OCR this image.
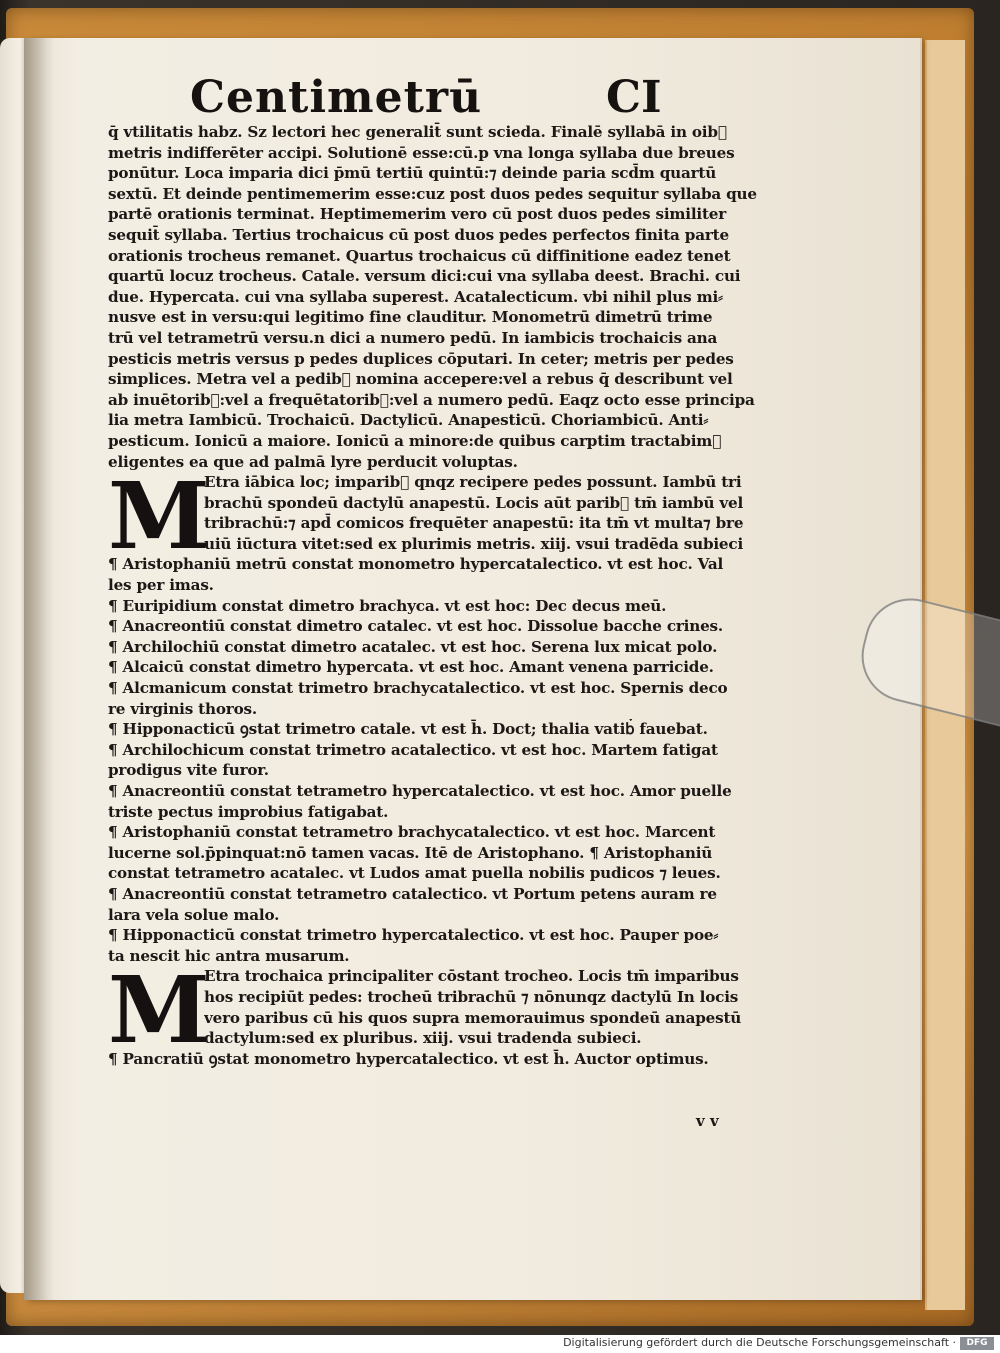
Centimetrū	CI
q̄ vtilitatis habz. Sz lectori hec generalit̄ sunt scieda. Finalē syllabā in oib᷒
metris indifferēter accipi. Solutionē esse:cū.p vna longa syllaba due breues
ponūtur. Loca imparia dici p̄mū tertiū quintū:⁊ deinde paria scd̄m quartū
sextū. Et deinde pentimemerim esse:cuz post duos pedes sequitur syllaba que
partē orationis terminat. Heptimemerim vero cū post duos pedes similiter
sequit̄ syllaba. Tertius trochaicus cū post duos pedes perfectos finita parte
orationis trocheus remanet. Quartus trochaicus cū diffinitione eadez tenet
quartū locuz trocheus. Catale. versum dici:cui vna syllaba deest. Brachi. cui
due. Hypercata. cui vna syllaba superest. Acatalecticum. vbi nihil plus mi⸗
nusve est in versu:qui legitimo fine clauditur. Monometrū dimetrū trime
trū vel tetrametrū versu.n dici a numero pedū. In iambicis trochaicis ana
pesticis metris versus p pedes duplices cōputari. In ceter; metris per pedes
simplices. Metra vel a pedib᷒ nomina accepere:vel a rebus q̄ describunt vel
ab inuētorib᷒:vel a frequētatorib᷒:vel a numero pedū. Eaqz octo esse principa
lia metra Iambicū. Trochaicū. Dactylicū. Anapesticū. Choriambicū. Anti⸗
pesticum. Ionicū a maiore. Ionicū a minore:de quibus carptim tractabim᷒
eligentes ea que ad palmā lyre perducit voluptas.
M
Etra iābica loc; imparib᷒ qnqz recipere pedes possunt. Iambū tri
brachū spondeū dactylū anapestū. Locis aūt parib᷒ tm̄ iambū vel
tribrachū:⁊ apd̄ comicos frequēter anapestū: ita tm̄ vt multa⁊ bre
uiū iūctura vitet:sed ex plurimis metris. xiij. vsui tradēda subieci
¶ Aristophaniū metrū constat monometro hypercatalectico. vt est hoc. Val
les per imas.
¶ Euripidium constat dimetro brachyca. vt est hoc: Dec decus meū.
¶ Anacreontiū constat dimetro catalec. vt est hoc. Dissolue bacche crines.
¶ Archilochiū constat dimetro acatalec. vt est hoc. Serena lux micat polo.
¶ Alcaicū constat dimetro hypercata. vt est hoc. Amant venena parricide.
¶ Alcmanicum constat trimetro brachycatalectico. vt est hoc. Spernis deco
re virginis thoros.
¶ Hipponacticū ꝯstat trimetro catale. vt est h̄. Doct; thalia vatib᷒ fauebat.
¶ Archilochicum constat trimetro acatalectico. vt est hoc. Martem fatigat
prodigus vite furor.
¶ Anacreontiū constat tetrametro hypercatalectico. vt est hoc. Amor puelle
triste pectus improbius fatigabat.
¶ Aristophaniū constat tetrametro brachycatalectico. vt est hoc. Marcent
lucerne sol.p̄pinquat:nō tamen vacas. Itē de Aristophano. ¶ Aristophaniū
constat tetrametro acatalec. vt Ludos amat puella nobilis pudicos ⁊ leues.
¶ Anacreontiū constat tetrametro catalectico. vt Portum petens auram re
lara vela solue malo.
¶ Hipponacticū constat trimetro hypercatalectico. vt est hoc. Pauper poe⸗
ta nescit hic antra musarum.
M
Etra trochaica principaliter cōstant trocheo. Locis tm̄ imparibus
hos recipiūt pedes: trocheū tribrachū ⁊ nōnunqz dactylū In locis
vero paribus cū his quos supra memorauimus spondeū anapestū
dactylum:sed ex pluribus. xiij. vsui tradenda subieci.
¶ Pancratiū ꝯstat monometro hypercatalectico. vt est h̄. Auctor optimus.
v v
Digitalisierung gefördert durch die Deutsche Forschungsgemeinschaft ·	DFG
